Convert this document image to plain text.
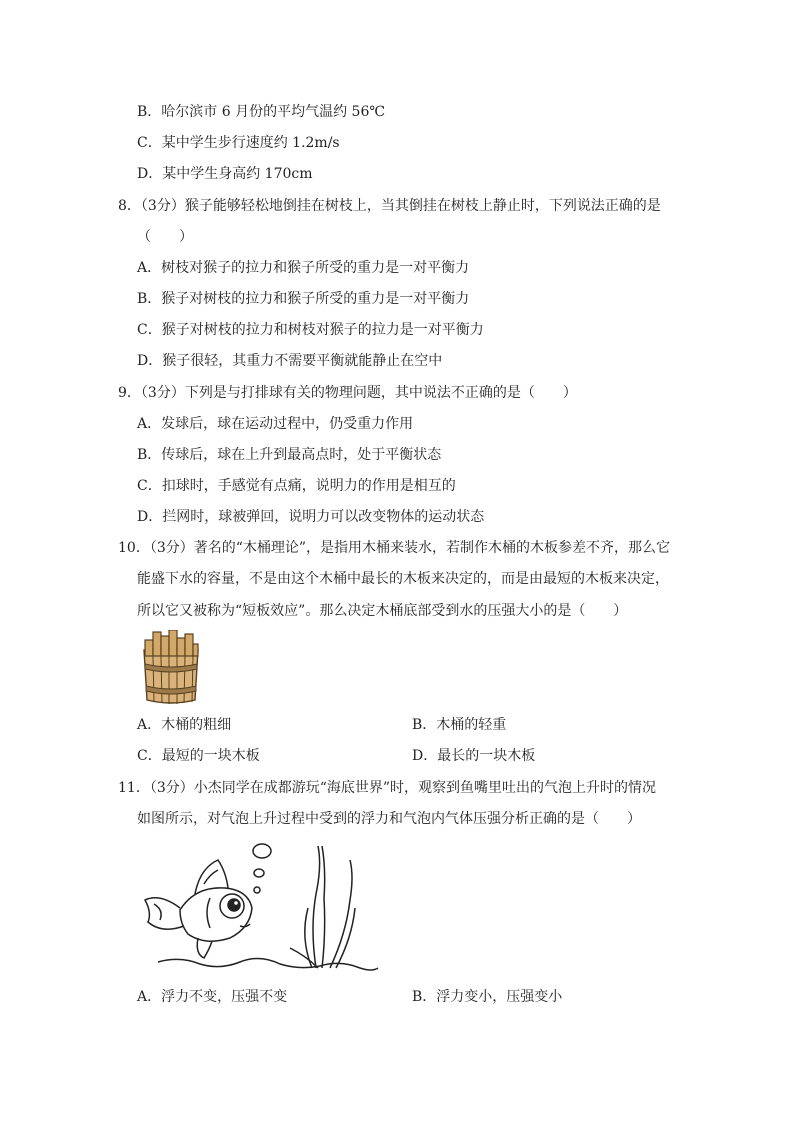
B．哈尔滨市 6 月份的平均气温约 56℃
C．某中学生步行速度约 1.2m/s
D．某中学生身高约 170cm
8．（3分）猴子能够轻松地倒挂在树枝上，当其倒挂在树枝上静止时，下列说法正确的是
（　　）
A．树枝对猴子的拉力和猴子所受的重力是一对平衡力
B．猴子对树枝的拉力和猴子所受的重力是一对平衡力
C．猴子对树枝的拉力和树枝对猴子的拉力是一对平衡力
D．猴子很轻，其重力不需要平衡就能静止在空中
9．（3分）下列是与打排球有关的物理问题，其中说法不正确的是（　　）
A．发球后，球在运动过程中，仍受重力作用
B．传球后，球在上升到最高点时，处于平衡状态
C．扣球时，手感觉有点痛，说明力的作用是相互的
D．拦网时，球被弹回，说明力可以改变物体的运动状态
10．（3分）著名的“木桶理论”，是指用木桶来装水，若制作木桶的木板参差不齐，那么它
能盛下水的容量，不是由这个木桶中最长的木板来决定的，而是由最短的木板来决定，
所以它又被称为“短板效应”。那么决定木桶底部受到水的压强大小的是（　　）
A．木桶的粗细	B．木桶的轻重
C．最短的一块木板	D．最长的一块木板
11．（3分）小杰同学在成都游玩“海底世界”时，观察到鱼嘴里吐出的气泡上升时的情况
如图所示，对气泡上升过程中受到的浮力和气泡内气体压强分析正确的是（　　）
A．浮力不变，压强不变	B．浮力变小，压强变小
